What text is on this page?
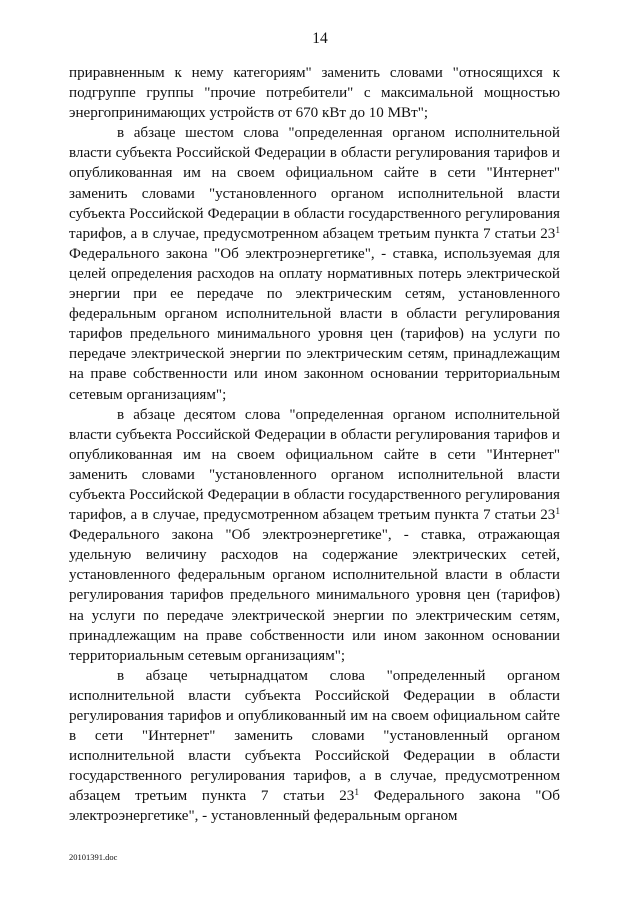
14

приравненным к нему категориям" заменить словами "относящихся к подгруппе группы "прочие потребители" с максимальной мощностью энергопринимающих устройств от 670 кВт до 10 МВт";

в абзаце шестом слова "определенная органом исполнительной власти субъекта Российской Федерации в области регулирования тарифов и опубликованная им на своем официальном сайте в сети "Интернет" заменить словами "установленного органом исполнительной власти субъекта Российской Федерации в области государственного регулирования тарифов, а в случае, предусмотренном абзацем третьим пункта 7 статьи $23^1$ Федерального закона "Об электроэнергетике", - ставка, используемая для целей определения расходов на оплату нормативных потерь электрической энергии при ее передаче по электрическим сетям, установленного федеральным органом исполнительной власти в области регулирования тарифов предельного минимального уровня цен (тарифов) на услуги по передаче электрической энергии по электрическим сетям, принадлежащим на праве собственности или ином законном основании территориальным сетевым организациям";

в абзаце десятом слова "определенная органом исполнительной власти субъекта Российской Федерации в области регулирования тарифов и опубликованная им на своем официальном сайте в сети "Интернет" заменить словами "установленного органом исполнительной власти субъекта Российской Федерации в области государственного регулирования тарифов, а в случае, предусмотренном абзацем третьим пункта 7 статьи $23^1$ Федерального закона "Об электроэнергетике", - ставка, отражающая удельную величину расходов на содержание электрических сетей, установленного федеральным органом исполнительной власти в области регулирования тарифов предельного минимального уровня цен (тарифов) на услуги по передаче электрической энергии по электрическим сетям, принадлежащим на праве собственности или ином законном основании территориальным сетевым организациям";

в абзаце четырнадцатом слова "определенный органом исполнительной власти субъекта Российской Федерации в области регулирования тарифов и опубликованный им на своем официальном сайте в сети "Интернет" заменить словами "установленный органом исполнительной власти субъекта Российской Федерации в области государственного регулирования тарифов, а в случае, предусмотренном абзацем третьим пункта 7 статьи $23^1$ Федерального закона "Об электроэнергетике", - установленный федеральным органом

20101391.doc
